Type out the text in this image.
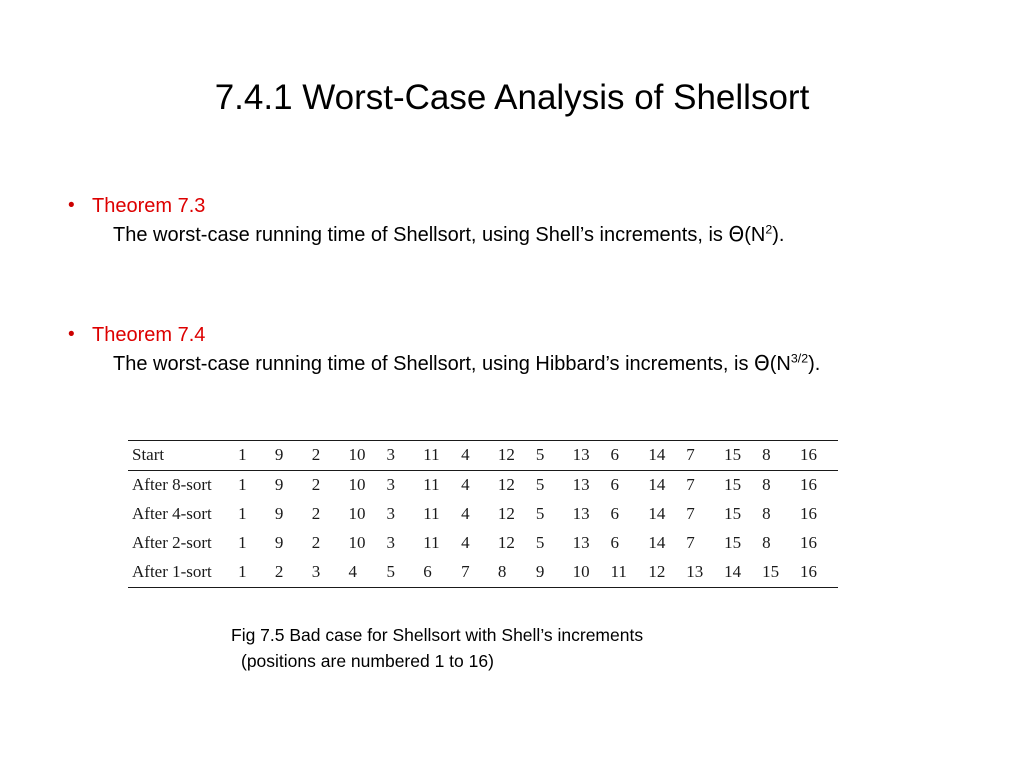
7.4.1 Worst-Case Analysis of Shellsort
• Theorem 7.3
The worst-case running time of Shellsort, using Shell’s increments, is $\Theta(N^2)$.
• Theorem 7.4
The worst-case running time of Shellsort, using Hibbard’s increments, is $\Theta(N^{3/2})$.
Start	1	9	2	10	3	11	4	12	5	13	6	14	7	15	8	16
After 8-sort	1	9	2	10	3	11	4	12	5	13	6	14	7	15	8	16
After 4-sort	1	9	2	10	3	11	4	12	5	13	6	14	7	15	8	16
After 2-sort	1	9	2	10	3	11	4	12	5	13	6	14	7	15	8	16
After 1-sort	1	2	3	4	5	6	7	8	9	10	11	12	13	14	15	16
Fig 7.5 Bad case for Shellsort with Shell’s increments
(positions are numbered 1 to 16)
